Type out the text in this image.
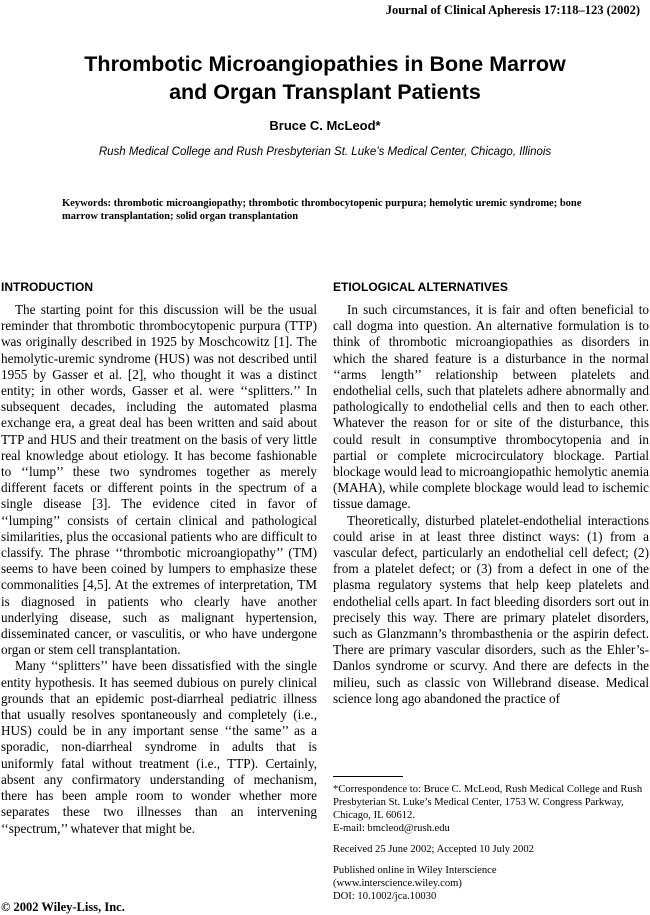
Journal of Clinical Apheresis 17:118–123 (2002)
Thrombotic Microangiopathies in Bone Marrow
and Organ Transplant Patients
Bruce C. McLeod*
Rush Medical College and Rush Presbyterian St. Luke’s Medical Center, Chicago, Illinois
Keywords: thrombotic microangiopathy; thrombotic thrombocytopenic purpura; hemolytic uremic syndrome; bone marrow transplantation; solid organ transplantation
INTRODUCTION

The starting point for this discussion will be the usual reminder that thrombotic thrombocytopenic purpura (TTP) was originally described in 1925 by Moschcowitz [1]. The hemolytic-uremic syndrome (HUS) was not described until 1955 by Gasser et al. [2], who thought it was a distinct entity; in other words, Gasser et al. were ‘‘splitters.’’ In subsequent decades, including the automated plasma exchange era, a great deal has been written and said about TTP and HUS and their treatment on the basis of very little real knowledge about etiology. It has become fashionable to ‘‘lump’’ these two syndromes together as merely different facets or different points in the spectrum of a single disease [3]. The evidence cited in favor of ‘‘lumping’’ consists of certain clinical and pathological similarities, plus the occasional patients who are difficult to classify. The phrase ‘‘thrombotic microangiopathy’’ (TM) seems to have been coined by lumpers to emphasize these commonalities [4,5]. At the extremes of interpretation, TM is diagnosed in patients who clearly have another underlying disease, such as malignant hypertension, disseminated cancer, or vasculitis, or who have undergone organ or stem cell transplantation.

Many ‘‘splitters’’ have been dissatisfied with the single entity hypothesis. It has seemed dubious on purely clinical grounds that an epidemic post-diarrheal pediatric illness that usually resolves spontaneously and completely (i.e., HUS) could be in any important sense ‘‘the same’’ as a sporadic, non-diarrheal syndrome in adults that is uniformly fatal without treatment (i.e., TTP). Certainly, absent any confirmatory understanding of mechanism, there has been ample room to wonder whether more separates these two illnesses than an intervening ‘‘spectrum,’’ whatever that might be.

ETIOLOGICAL ALTERNATIVES

In such circumstances, it is fair and often beneficial to call dogma into question. An alternative formulation is to think of thrombotic microangiopathies as disorders in which the shared feature is a disturbance in the normal ‘‘arms length’’ relationship between platelets and endothelial cells, such that platelets adhere abnormally and pathologically to endothelial cells and then to each other. Whatever the reason for or site of the disturbance, this could result in consumptive thrombocytopenia and in partial or complete microcirculatory blockage. Partial blockage would lead to microangiopathic hemolytic anemia (MAHA), while complete blockage would lead to ischemic tissue damage.

Theoretically, disturbed platelet-endothelial interactions could arise in at least three distinct ways: (1) from a vascular defect, particularly an endothelial cell defect; (2) from a platelet defect; or (3) from a defect in one of the plasma regulatory systems that help keep platelets and endothelial cells apart. In fact bleeding disorders sort out in precisely this way. There are primary platelet disorders, such as Glanzmann’s thrombasthenia or the aspirin defect. There are primary vascular disorders, such as the Ehler’s-Danlos syndrome or scurvy. And there are defects in the milieu, such as classic von Willebrand disease. Medical science long ago abandoned the practice of

*Correspondence to: Bruce C. McLeod, Rush Medical College and Rush Presbyterian St. Luke’s Medical Center, 1753 W. Congress Parkway, Chicago, IL 60612.

E-mail: bmcleod@rush.edu

Received 25 June 2002; Accepted 10 July 2002

Published online in Wiley Interscience

(www.interscience.wiley.com)

DOI: 10.1002/jca.10030

© 2002 Wiley-Liss, Inc.
